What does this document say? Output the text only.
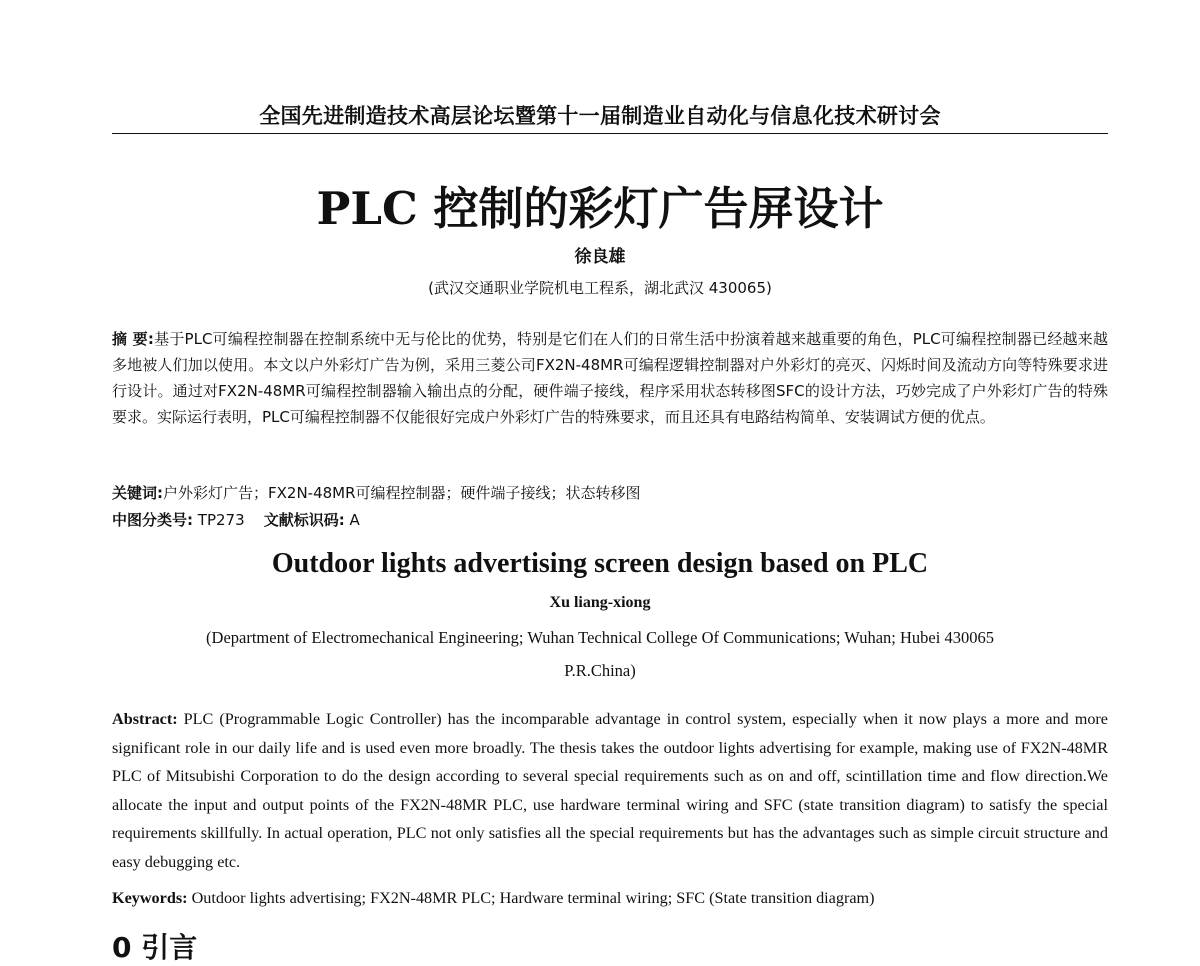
全国先进制造技术高层论坛暨第十一届制造业自动化与信息化技术研讨会
PLC 控制的彩灯广告屏设计
徐良雄
(武汉交通职业学院机电工程系，湖北武汉 430065)
摘 要:基于PLC可编程控制器在控制系统中无与伦比的优势，特别是它们在人们的日常生活中扮演着越来越重要的角色，PLC可编程控制器已经越来越多地被人们加以使用。本文以户外彩灯广告为例，采用三菱公司FX2N-48MR可编程逻辑控制器对户外彩灯的亮灭、闪烁时间及流动方向等特殊要求进行设计。通过对FX2N-48MR可编程控制器输入输出点的分配，硬件端子接线，程序采用状态转移图SFC的设计方法，巧妙完成了户外彩灯广告的特殊要求。实际运行表明，PLC可编程控制器不仅能很好完成户外彩灯广告的特殊要求，而且还具有电路结构简单、安装调试方便的优点。
关键词:户外彩灯广告；FX2N-48MR可编程控制器；硬件端子接线；状态转移图
中图分类号: TP273 文献标识码: A
Outdoor lights advertising screen design based on PLC
Xu liang-xiong
(Department of Electromechanical Engineering; Wuhan Technical College Of Communications; Wuhan; Hubei 430065
P.R.China)
Abstract: PLC (Programmable Logic Controller) has the incomparable advantage in control system, especially when it now plays a more and more significant role in our daily life and is used even more broadly. The thesis takes the outdoor lights advertising for example, making use of FX2N-48MR PLC of Mitsubishi Corporation to do the design according to several special requirements such as on and off, scintillation time and flow direction.We allocate the input and output points of the FX2N-48MR PLC, use hardware terminal wiring and SFC (state transition diagram) to satisfy the special requirements skillfully. In actual operation, PLC not only satisfies all the special requirements but has the advantages such as simple circuit structure and easy debugging etc.
Keywords: Outdoor lights advertising; FX2N-48MR PLC; Hardware terminal wiring; SFC (State transition diagram)
0 引言
